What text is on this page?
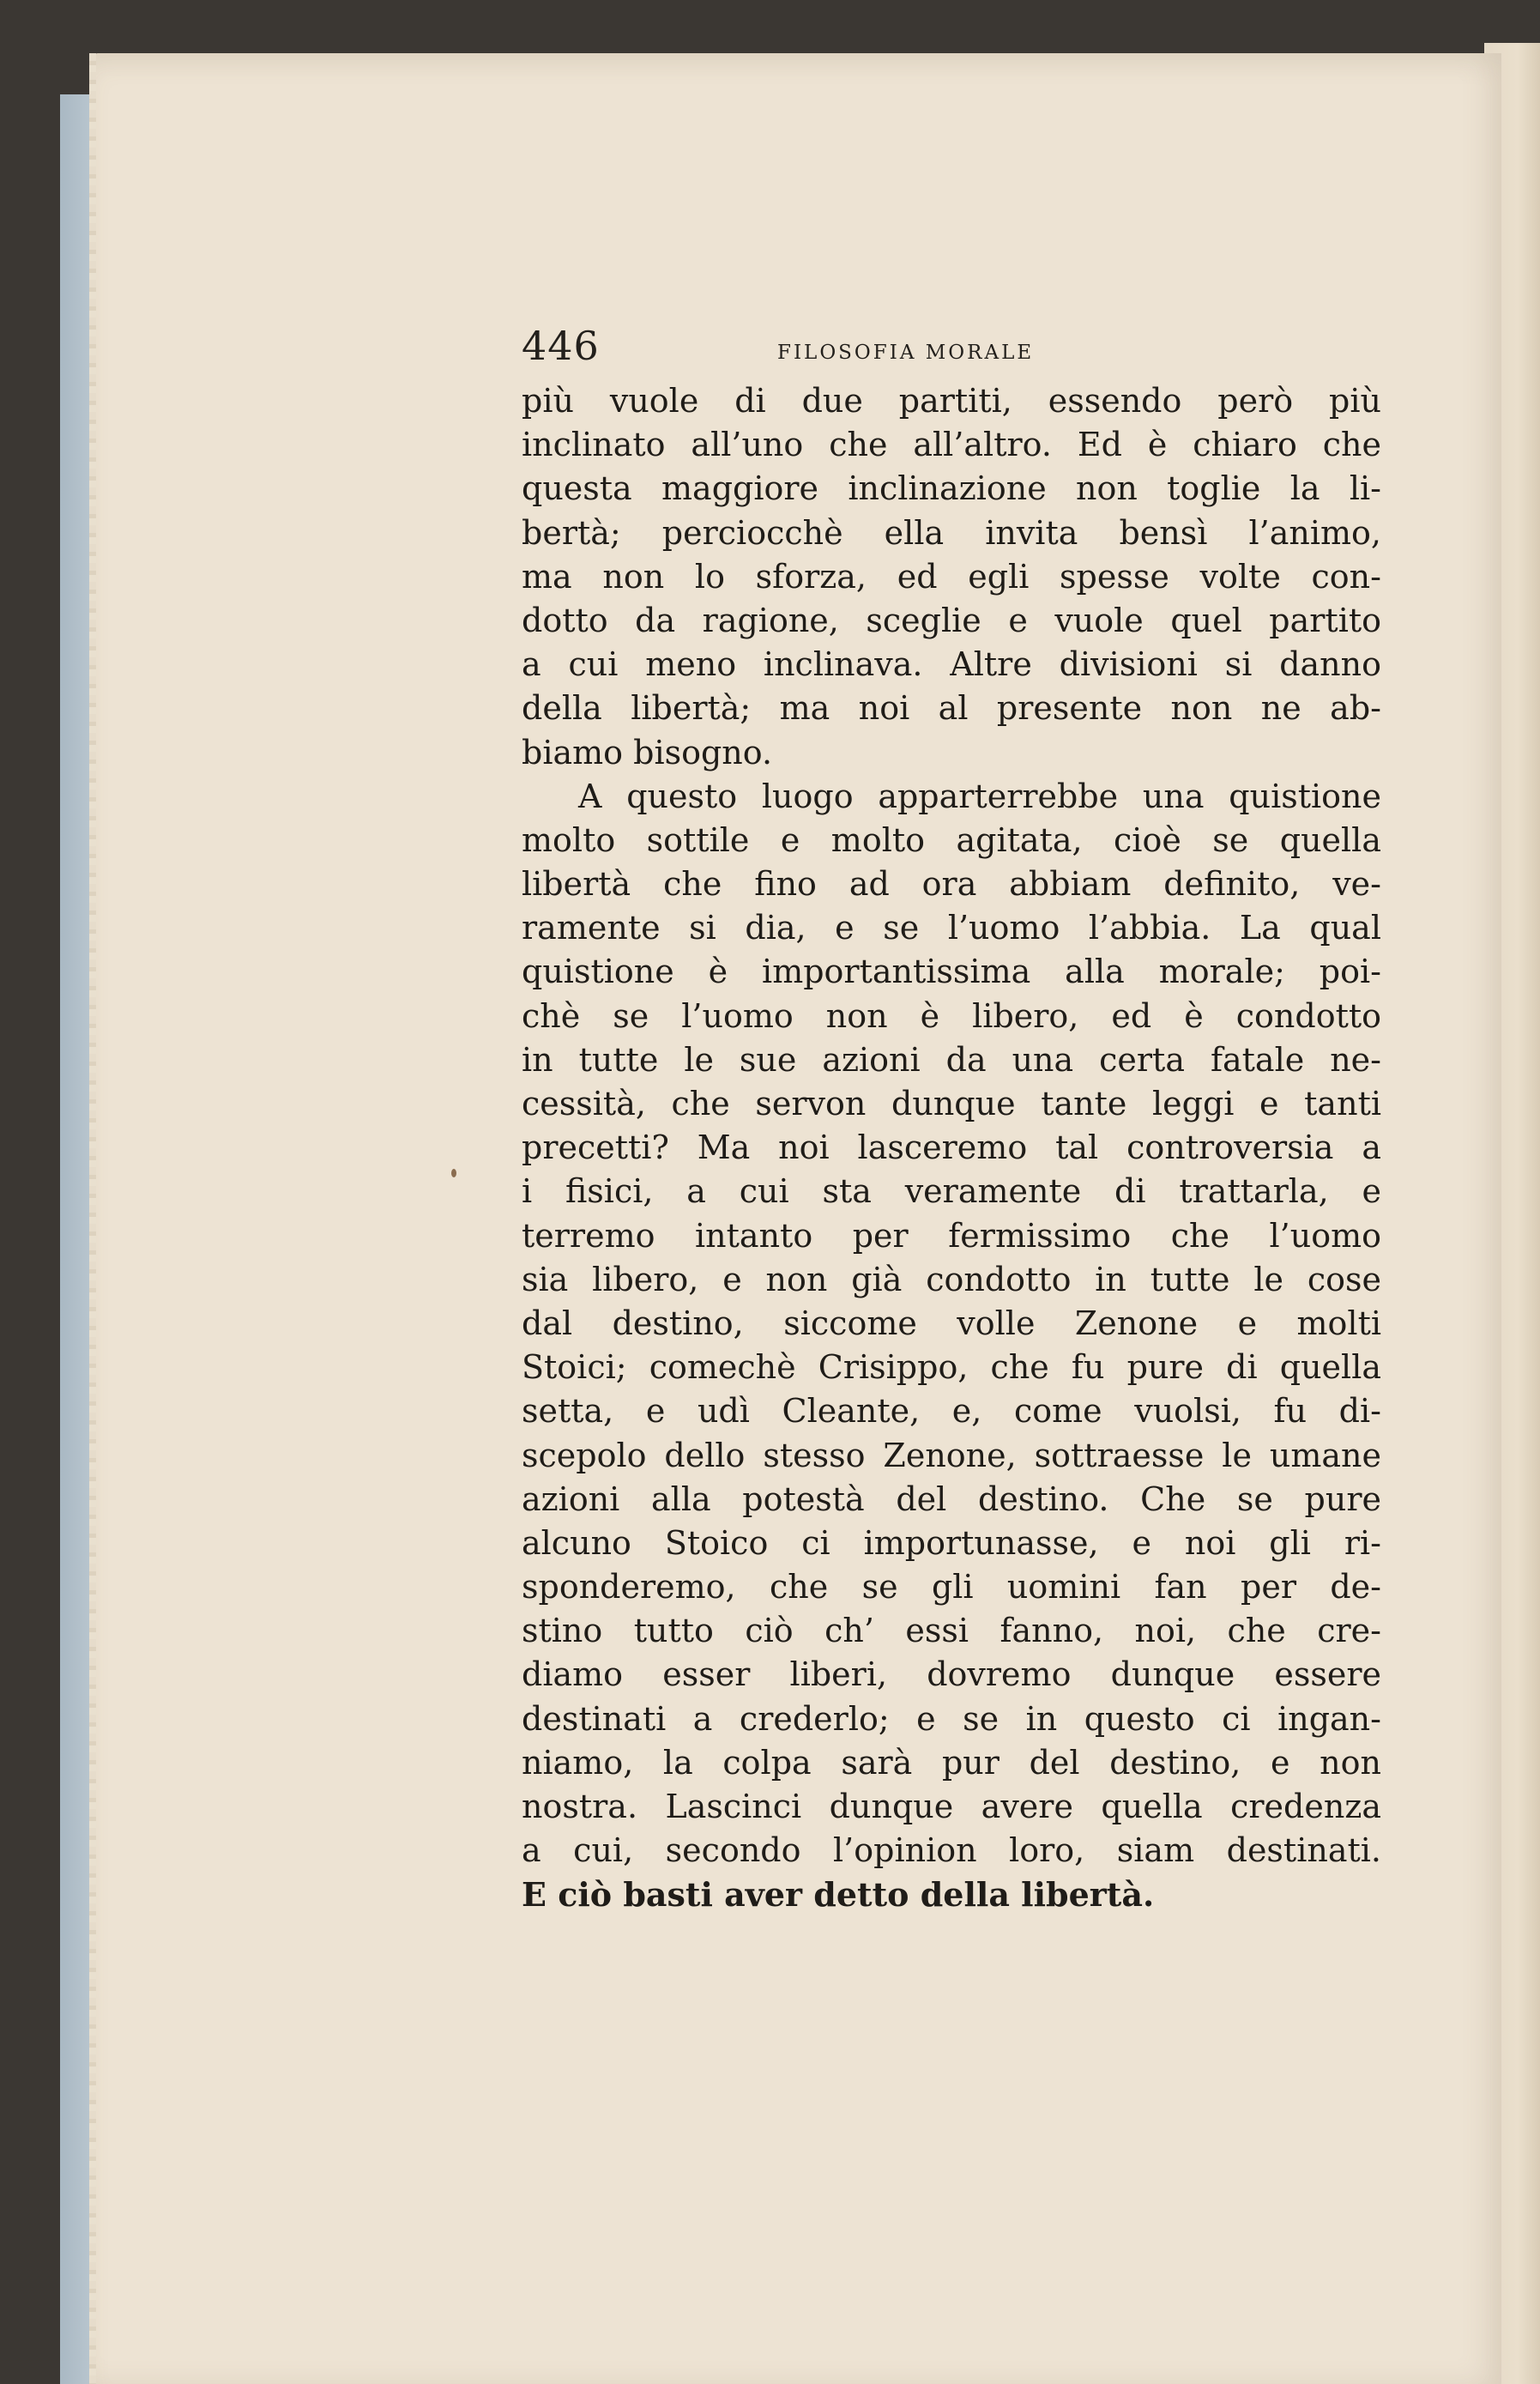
446	FILOSOFIA MORALE
più vuole di due partiti, essendo però più
inclinato all’uno che all’altro. Ed è chiaro che
questa maggiore inclinazione non toglie la li-
bertà; perciocchè ella invita bensì l’animo,
ma non lo sforza, ed egli spesse volte con-
dotto da ragione, sceglie e vuole quel partito
a cui meno inclinava. Altre divisioni si danno
della libertà; ma noi al presente non ne ab-
biamo bisogno.
A questo luogo apparterrebbe una quistione
molto sottile e molto agitata, cioè se quella
libertà che fino ad ora abbiam definito, ve-
ramente si dia, e se l’uomo l’abbia. La qual
quistione è importantissima alla morale; poi-
chè se l’uomo non è libero, ed è condotto
in tutte le sue azioni da una certa fatale ne-
cessità, che servon dunque tante leggi e tanti
precetti? Ma noi lasceremo tal controversia a
i fisici, a cui sta veramente di trattarla, e
terremo intanto per fermissimo che l’uomo
sia libero, e non già condotto in tutte le cose
dal destino, siccome volle Zenone e molti
Stoici; comechè Crisippo, che fu pure di quella
setta, e udì Cleante, e, come vuolsi, fu di-
scepolo dello stesso Zenone, sottraesse le umane
azioni alla potestà del destino. Che se pure
alcuno Stoico ci importunasse, e noi gli ri-
sponderemo, che se gli uomini fan per de-
stino tutto ciò ch’ essi fanno, noi, che cre-
diamo esser liberi, dovremo dunque essere
destinati a crederlo; e se in questo ci ingan-
niamo, la colpa sarà pur del destino, e non
nostra. Lascinci dunque avere quella credenza
a cui, secondo l’opinion loro, siam destinati.
E ciò basti aver detto della libertà.
